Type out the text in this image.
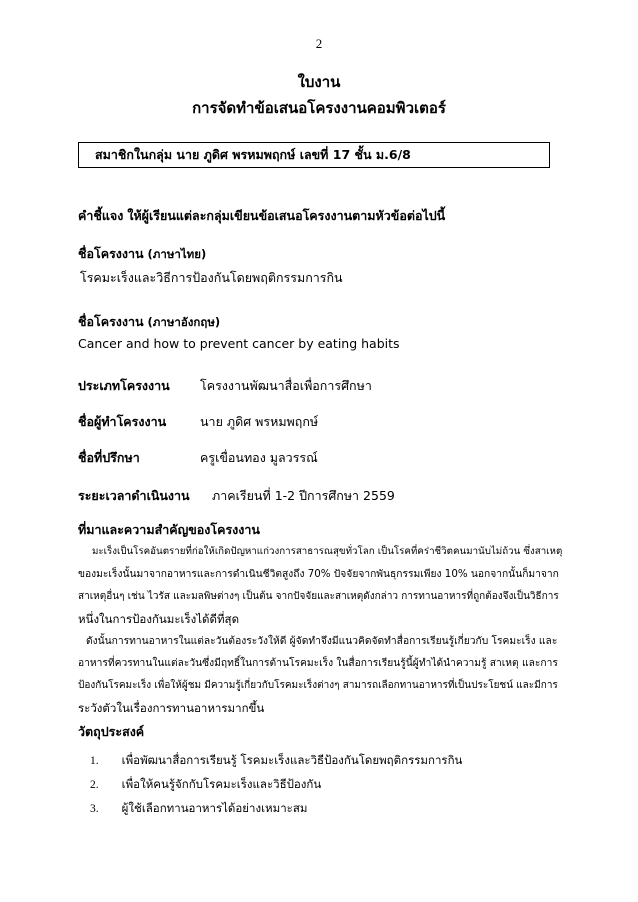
2
ใบงาน
การจัดทำข้อเสนอโครงงานคอมพิวเตอร์
สมาชิกในกลุ่ม นาย ภูดิศ พรหมพฤกษ์ เลขที่ 17 ชั้น ม.6/8
คำชี้แจง ให้ผู้เรียนแต่ละกลุ่มเขียนข้อเสนอโครงงานตามหัวข้อต่อไปนี้
ชื่อโครงงาน (ภาษาไทย)
โรคมะเร็งและวิธีการป้องกันโดยพฤติกรรมการกิน
ชื่อโครงงาน (ภาษาอังกฤษ)
Cancer and how to prevent cancer by eating habits
ประเภทโครงงาน โครงงานพัฒนาสื่อเพื่อการศึกษา
ชื่อผู้ทำโครงงาน	นาย ภูดิศ พรหมพฤกษ์
ชื่อที่ปรึกษา	ครูเขื่อนทอง มูลวรรณ์
ระยะเวลาดำเนินงาน ภาคเรียนที่ 1-2 ปีการศึกษา 2559
ที่มาและความสำคัญของโครงงาน
มะเร็งเป็นโรคอันตรายที่ก่อให้เกิดปัญหาแก่วงการสาธารณสุขทั่วโลก เป็นโรคที่คร่าชีวิตคนมานับไม่ถ้วน ซึ่งสาเหตุ
ของมะเร็งนั้นมาจากอาหารและการดำเนินชีวิตสูงถึง 70% ปัจจัยจากพันธุกรรมเพียง 10% นอกจากนั้นก็มาจาก
สาเหตุอื่นๆ เช่น ไวรัส และมลพิษต่างๆ เป็นต้น จากปัจจัยและสาเหตุดังกล่าว การทานอาหารที่ถูกต้องจึงเป็นวิธีการ
หนึ่งในการป้องกันมะเร็งได้ดีที่สุด
ดังนั้นการทานอาหารในแต่ละวันต้องระวังให้ดี ผู้จัดทำจึงมีแนวคิดจัดทำสื่อการเรียนรู้เกี่ยวกับ โรคมะเร็ง และ
อาหารที่ควรทานในแต่ละวันซึ่งมีฤทธิ์ในการต้านโรคมะเร็ง ในสื่อการเรียนรู้นี้ผู้ทำได้นำความรู้ สาเหตุ และการ
ป้องกันโรคมะเร็ง เพื่อให้ผู้ชม มีความรู้เกี่ยวกับโรคมะเร็งต่างๆ สามารถเลือกทานอาหารที่เป็นประโยชน์ และมีการ
ระวังตัวในเรื่องการทานอาหารมากขึ้น
วัตถุประสงค์
1. เพื่อพัฒนาสื่อการเรียนรู้ โรคมะเร็งและวิธีป้องกันโดยพฤติกรรมการกิน
2. เพื่อให้คนรู้จักกับโรคมะเร็งและวิธีป้องกัน
3. ผู้ใช้เลือกทานอาหารได้อย่างเหมาะสม
